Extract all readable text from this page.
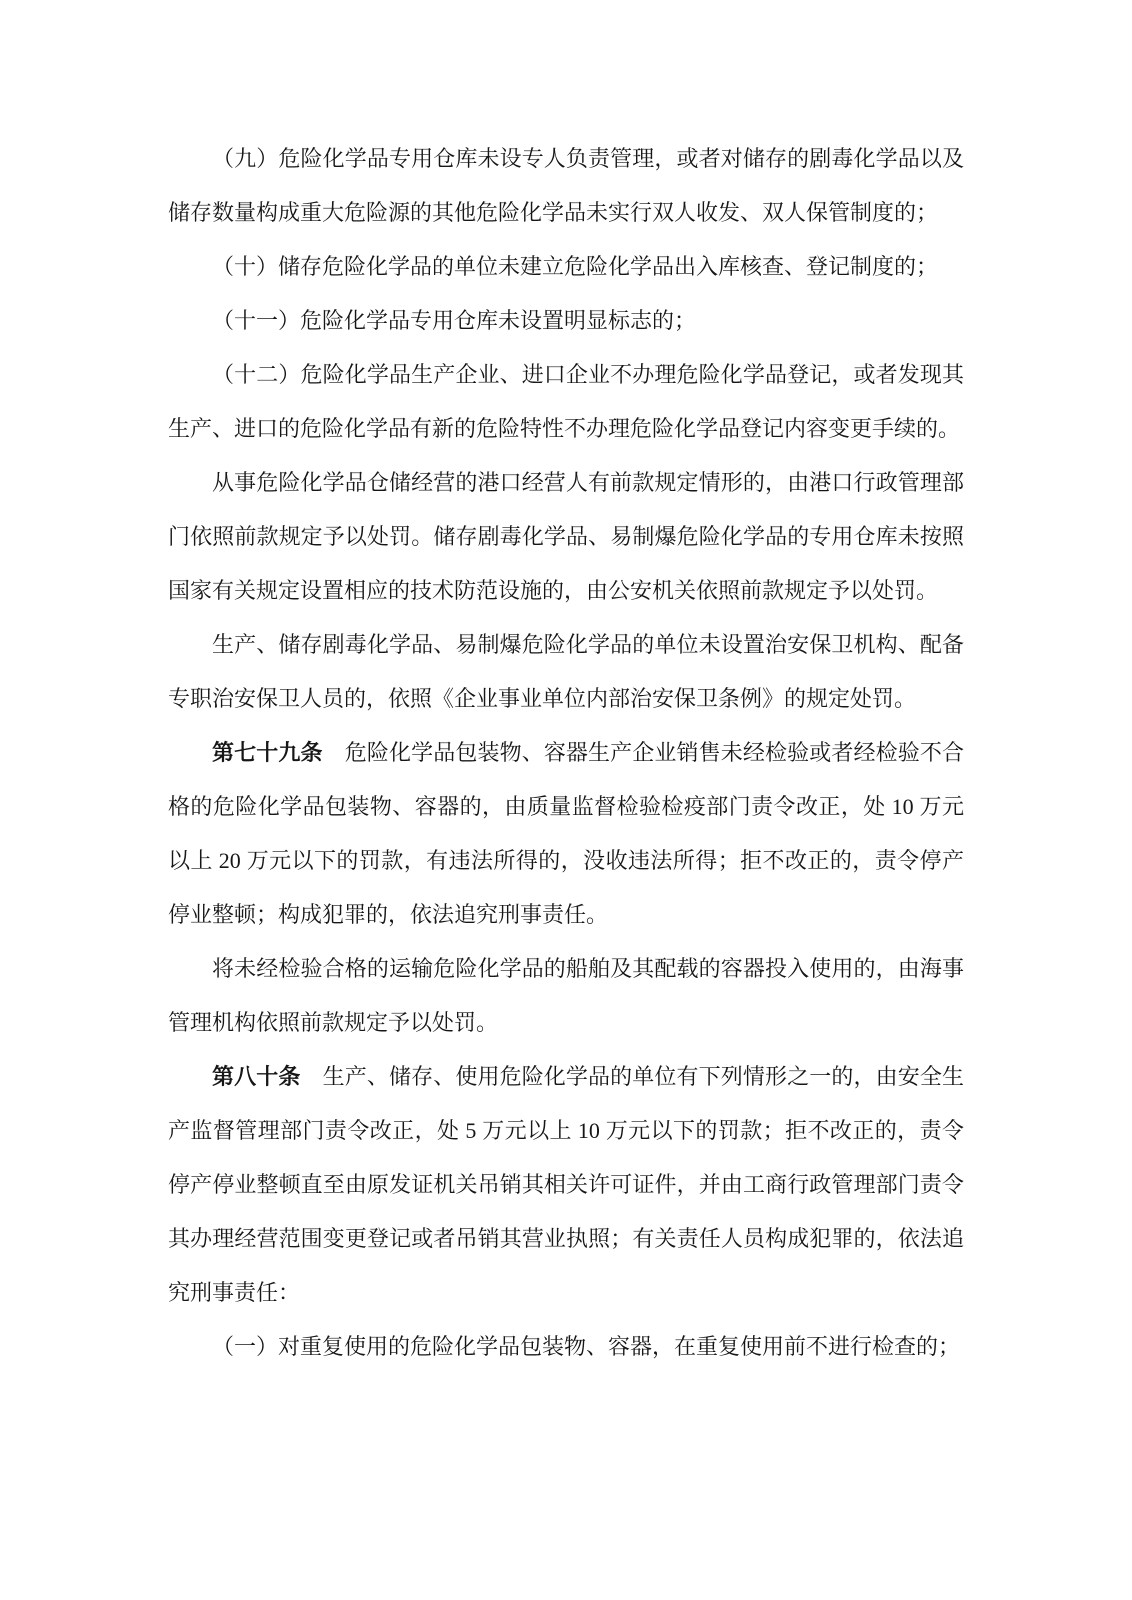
（九）危险化学品专用仓库未设专人负责管理，或者对储存的剧毒化学品以及储存数量构成重大危险源的其他危险化学品未实行双人收发、双人保管制度的；

（十）储存危险化学品的单位未建立危险化学品出入库核查、登记制度的；

（十一）危险化学品专用仓库未设置明显标志的；

（十二）危险化学品生产企业、进口企业不办理危险化学品登记，或者发现其生产、进口的危险化学品有新的危险特性不办理危险化学品登记内容变更手续的。

从事危险化学品仓储经营的港口经营人有前款规定情形的，由港口行政管理部门依照前款规定予以处罚。储存剧毒化学品、易制爆危险化学品的专用仓库未按照国家有关规定设置相应的技术防范设施的，由公安机关依照前款规定予以处罚。

生产、储存剧毒化学品、易制爆危险化学品的单位未设置治安保卫机构、配备专职治安保卫人员的，依照《企业事业单位内部治安保卫条例》的规定处罚。

第七十九条　危险化学品包装物、容器生产企业销售未经检验或者经检验不合格的危险化学品包装物、容器的，由质量监督检验检疫部门责令改正，处 10 万元以上 20 万元以下的罚款，有违法所得的，没收违法所得；拒不改正的，责令停产停业整顿；构成犯罪的，依法追究刑事责任。

将未经检验合格的运输危险化学品的船舶及其配载的容器投入使用的，由海事管理机构依照前款规定予以处罚。

第八十条　生产、储存、使用危险化学品的单位有下列情形之一的，由安全生产监督管理部门责令改正，处 5 万元以上 10 万元以下的罚款；拒不改正的，责令停产停业整顿直至由原发证机关吊销其相关许可证件，并由工商行政管理部门责令其办理经营范围变更登记或者吊销其营业执照；有关责任人员构成犯罪的，依法追究刑事责任：

（一）对重复使用的危险化学品包装物、容器，在重复使用前不进行检查的；
